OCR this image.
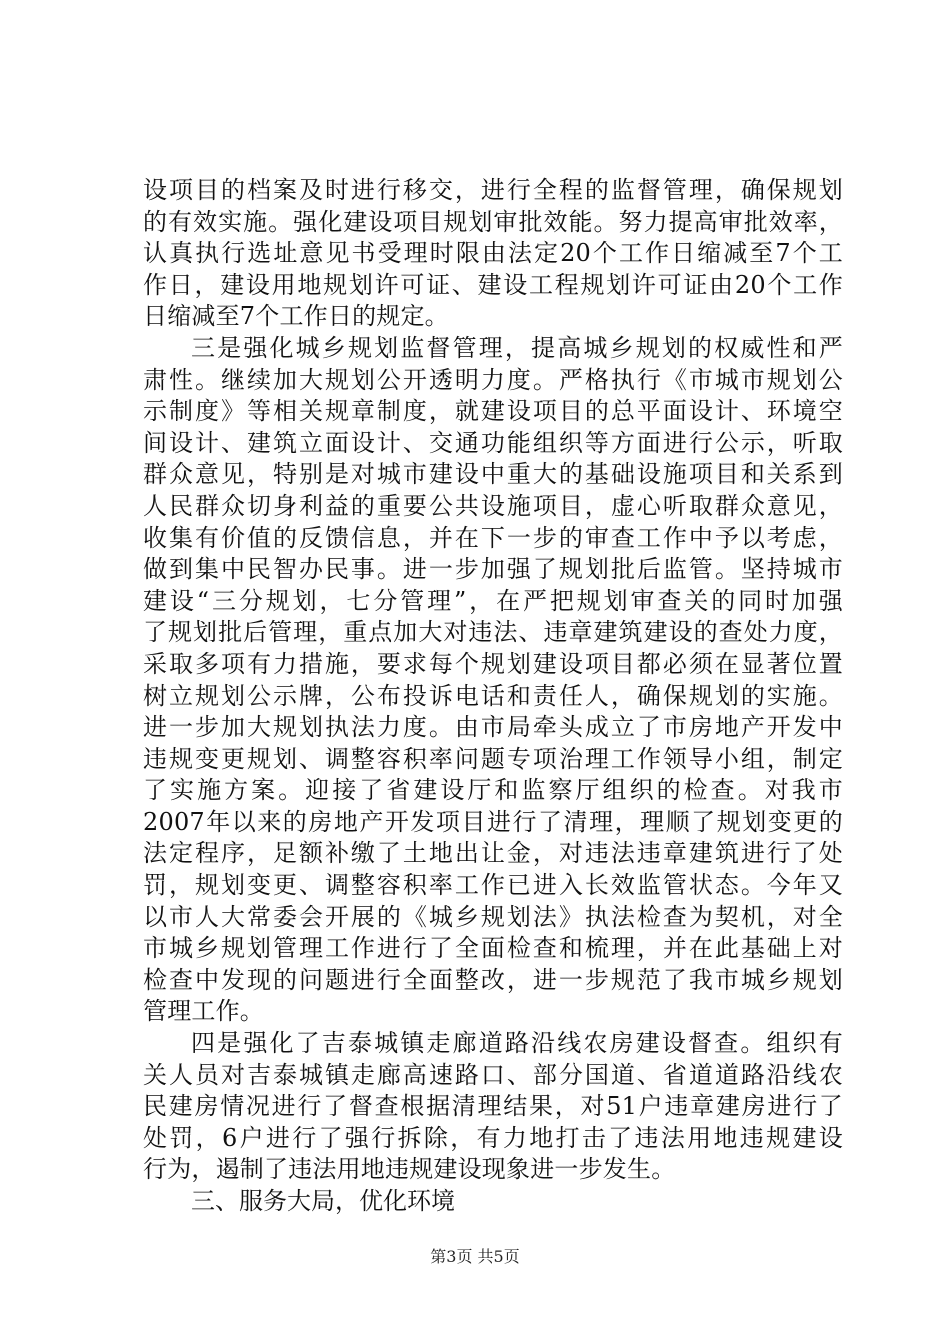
设项目的档案及时进行移交，进行全程的监督管理，确保规划
的有效实施。强化建设项目规划审批效能。努力提高审批效率，
认真执行选址意见书受理时限由法定20个工作日缩减至7个工
作日，建设用地规划许可证、建设工程规划许可证由20个工作
日缩减至7个工作日的规定。
三是强化城乡规划监督管理，提高城乡规划的权威性和严
肃性。继续加大规划公开透明力度。严格执行《市城市规划公
示制度》等相关规章制度，就建设项目的总平面设计、环境空
间设计、建筑立面设计、交通功能组织等方面进行公示，听取
群众意见，特别是对城市建设中重大的基础设施项目和关系到
人民群众切身利益的重要公共设施项目，虚心听取群众意见，
收集有价值的反馈信息，并在下一步的审查工作中予以考虑，
做到集中民智办民事。进一步加强了规划批后监管。坚持城市
建设“三分规划，七分管理”，在严把规划审查关的同时加强
了规划批后管理，重点加大对违法、违章建筑建设的查处力度，
采取多项有力措施，要求每个规划建设项目都必须在显著位置
树立规划公示牌，公布投诉电话和责任人，确保规划的实施。
进一步加大规划执法力度。由市局牵头成立了市房地产开发中
违规变更规划、调整容积率问题专项治理工作领导小组，制定
了实施方案。迎接了省建设厅和监察厅组织的检查。对我市
2007年以来的房地产开发项目进行了清理，理顺了规划变更的
法定程序，足额补缴了土地出让金，对违法违章建筑进行了处
罚，规划变更、调整容积率工作已进入长效监管状态。今年又
以市人大常委会开展的《城乡规划法》执法检查为契机，对全
市城乡规划管理工作进行了全面检查和梳理，并在此基础上对
检查中发现的问题进行全面整改，进一步规范了我市城乡规划
管理工作。
四是强化了吉泰城镇走廊道路沿线农房建设督查。组织有
关人员对吉泰城镇走廊高速路口、部分国道、省道道路沿线农
民建房情况进行了督查根据清理结果，对51户违章建房进行了
处罚，6户进行了强行拆除，有力地打击了违法用地违规建设
行为，遏制了违法用地违规建设现象进一步发生。
三、服务大局，优化环境
第3页 共5页
